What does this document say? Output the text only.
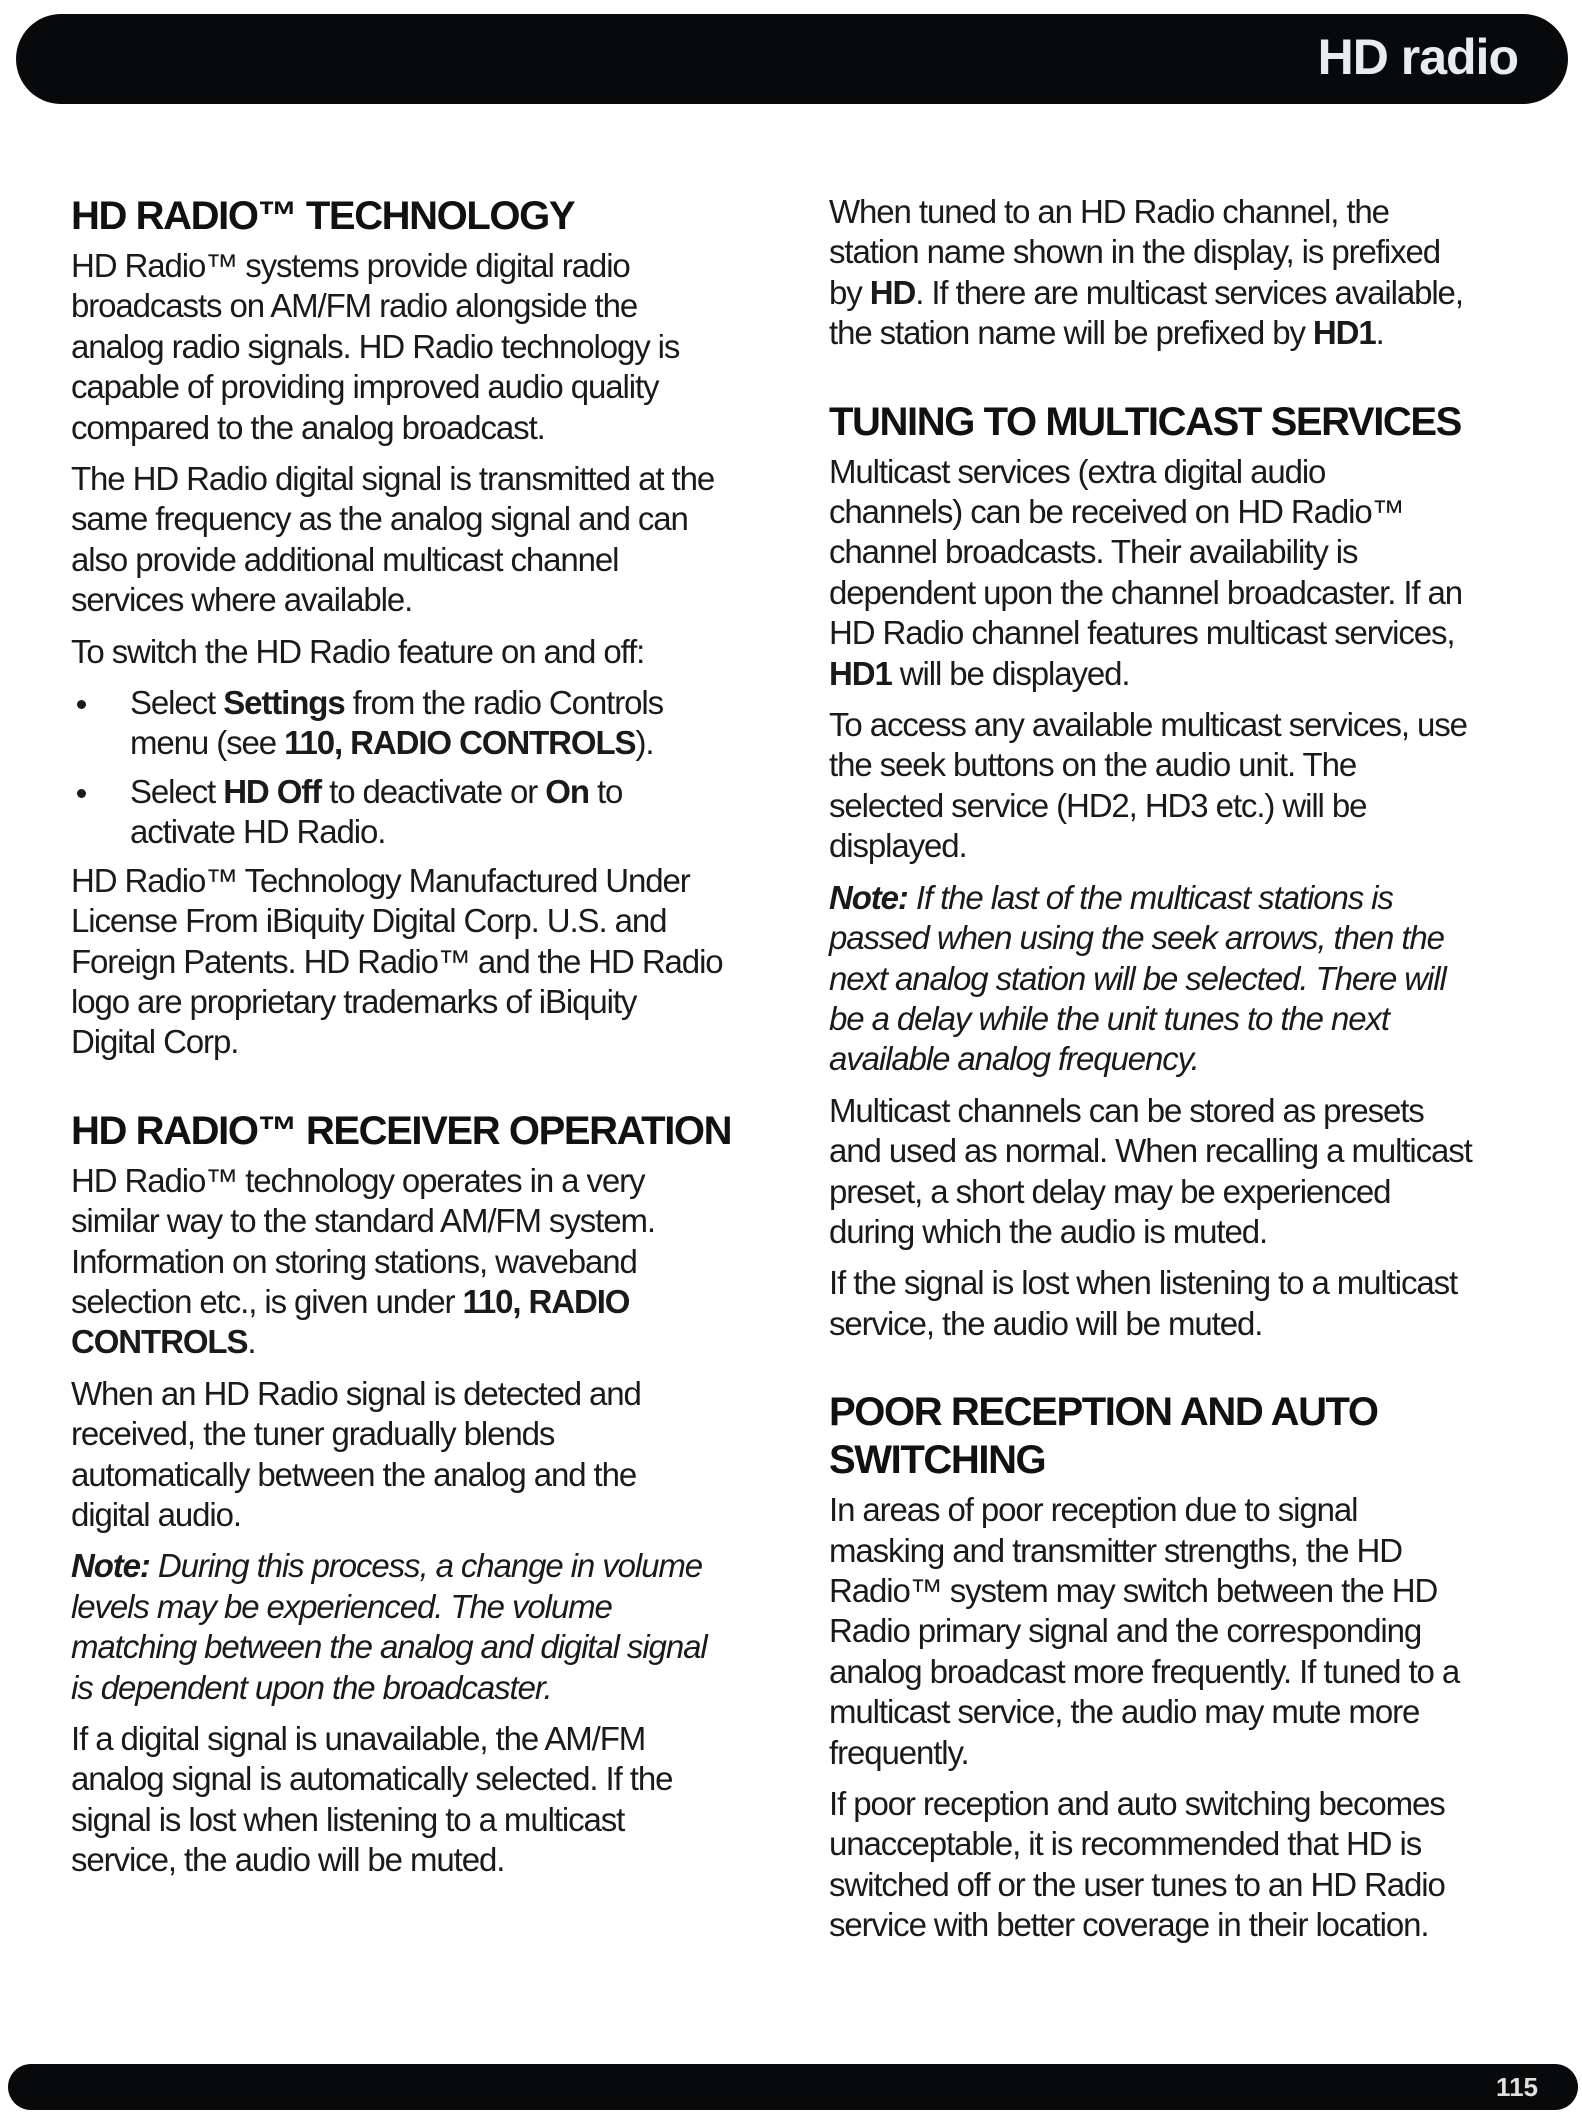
HD radio
HD RADIO™ TECHNOLOGY
HD Radio™ systems provide digital radio
broadcasts on AM/FM radio alongside the
analog radio signals. HD Radio technology is
capable of providing improved audio quality
compared to the analog broadcast.
The HD Radio digital signal is transmitted at the
same frequency as the analog signal and can
also provide additional multicast channel
services where available.
To switch the HD Radio feature on and off:
Select Settings from the radio Controls
menu (see 110, RADIO CONTROLS).
Select HD Off to deactivate or On to
activate HD Radio.
HD Radio™ Technology Manufactured Under
License From iBiquity Digital Corp. U.S. and
Foreign Patents. HD Radio™ and the HD Radio
logo are proprietary trademarks of iBiquity
Digital Corp.
HD RADIO™ RECEIVER OPERATION
HD Radio™ technology operates in a very
similar way to the standard AM/FM system.
Information on storing stations, waveband
selection etc., is given under 110, RADIO
CONTROLS.
When an HD Radio signal is detected and
received, the tuner gradually blends
automatically between the analog and the
digital audio.
Note: During this process, a change in volume
levels may be experienced. The volume
matching between the analog and digital signal
is dependent upon the broadcaster.
If a digital signal is unavailable, the AM/FM
analog signal is automatically selected. If the
signal is lost when listening to a multicast
service, the audio will be muted.
When tuned to an HD Radio channel, the
station name shown in the display, is prefixed
by HD. If there are multicast services available,
the station name will be prefixed by HD1.
TUNING TO MULTICAST SERVICES
Multicast services (extra digital audio
channels) can be received on HD Radio™
channel broadcasts. Their availability is
dependent upon the channel broadcaster. If an
HD Radio channel features multicast services,
HD1 will be displayed.
To access any available multicast services, use
the seek buttons on the audio unit. The
selected service (HD2, HD3 etc.) will be
displayed.
Note: If the last of the multicast stations is
passed when using the seek arrows, then the
next analog station will be selected. There will
be a delay while the unit tunes to the next
available analog frequency.
Multicast channels can be stored as presets
and used as normal. When recalling a multicast
preset, a short delay may be experienced
during which the audio is muted.
If the signal is lost when listening to a multicast
service, the audio will be muted.
POOR RECEPTION AND AUTO
SWITCHING
In areas of poor reception due to signal
masking and transmitter strengths, the HD
Radio™ system may switch between the HD
Radio primary signal and the corresponding
analog broadcast more frequently. If tuned to a
multicast service, the audio may mute more
frequently.
If poor reception and auto switching becomes
unacceptable, it is recommended that HD is
switched off or the user tunes to an HD Radio
service with better coverage in their location.
115
